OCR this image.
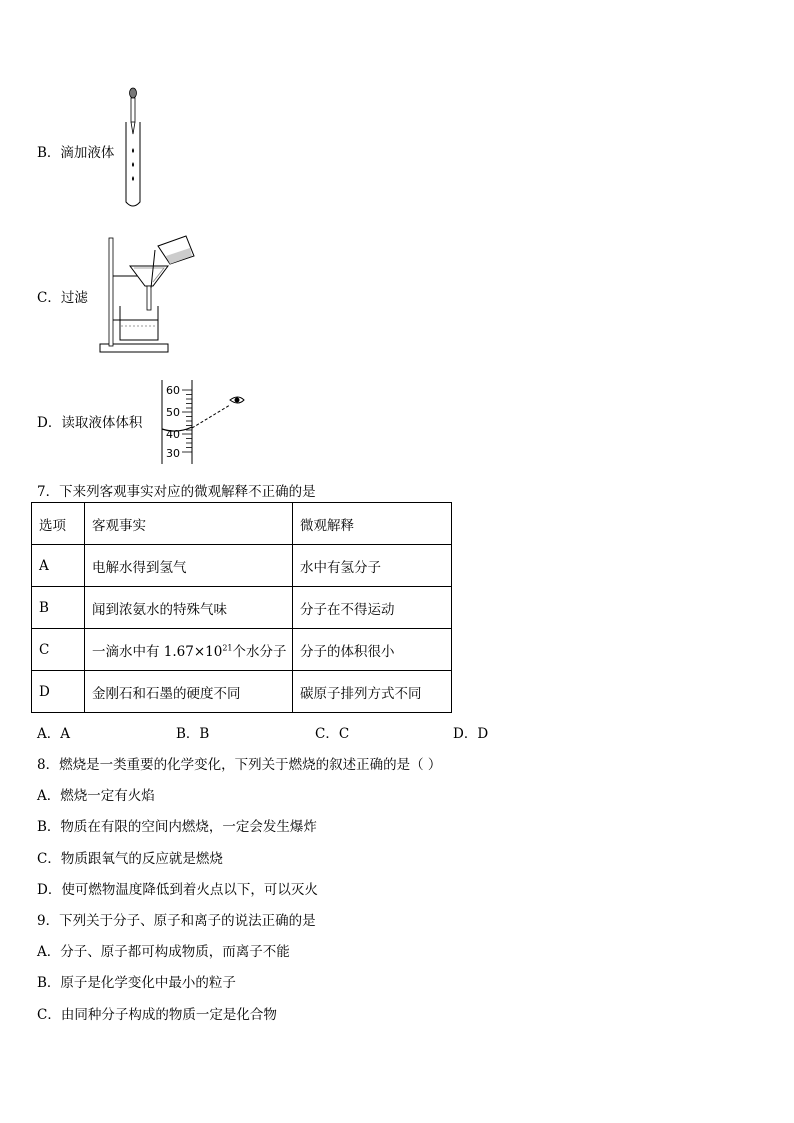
B．滴加液体
C．过滤
D．读取液体体积
60
50
40
30
7．下来列客观事实对应的微观解释不正确的是
选项	客观事实	微观解释
A	电解水得到氢气	水中有氢分子
B	闻到浓氨水的特殊气味	分子在不得运动
C	一滴水中有 $1.67\times 10^{21}$个水分子	分子的体积很小
D	金刚石和石墨的硬度不同	碳原子排列方式不同
A．A	B．B	C．C	D．D
8．燃烧是一类重要的化学变化，下列关于燃烧的叙述正确的是（ ）
A．燃烧一定有火焰
B．物质在有限的空间内燃烧，一定会发生爆炸
C．物质跟氧气的反应就是燃烧
D．使可燃物温度降低到着火点以下，可以灭火
9．下列关于分子、原子和离子的说法正确的是
A．分子、原子都可构成物质，而离子不能
B．原子是化学变化中最小的粒子
C．由同种分子构成的物质一定是化合物
